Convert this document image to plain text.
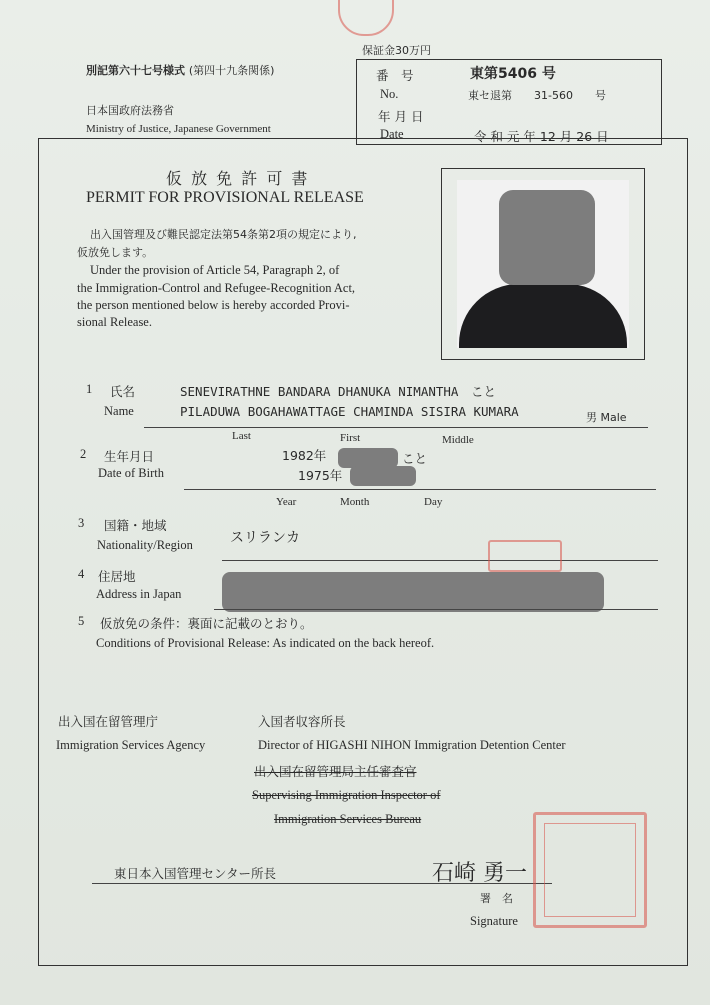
別記第六十七号様式 (第四十九条関係)
日本国政府法務省
Ministry of Justice, Japanese Government
保証金30万円
番　号	東第5406 号
No.	東セ退第　　31-560　　号
年 月 日
Date	令 和 元 年 12 月 26 日
仮 放 免 許 可 書
PERMIT FOR PROVISIONAL RELEASE
出入国管理及び難民認定法第54条第2項の規定により,
仮放免します。
Under the provision of Article 54, Paragraph 2, of
the Immigration-Control and Refugee-Recognition Act,
the person mentioned below is hereby accorded Provi-
sional Release.
1 氏名
Name
SENEVIRATHNE BANDARA DHANUKA NIMANTHA　こと
PILADUWA BOGAHAWATTAGE CHAMINDA SISIRA KUMARA	男 Male
Last	First	Middle
2 生年月日
Date of Birth
1982年	こと
1975年
Year	Month	Day
3 国籍・地域
Nationality/Region	スリランカ
4 住居地
Address in Japan
5 仮放免の条件：裏面に記載のとおり。
Conditions of Provisional Release: As indicated on the back hereof.
出入国在留管理庁	入国者収容所長
Immigration Services Agency	Director of HIGASHI NIHON Immigration Detention Center
出入国在留管理局主任審査官
Supervising Immigration Inspector of
Immigration Services Bureau
東日本入国管理センター所長	石崎 勇一
署　名
Signature
